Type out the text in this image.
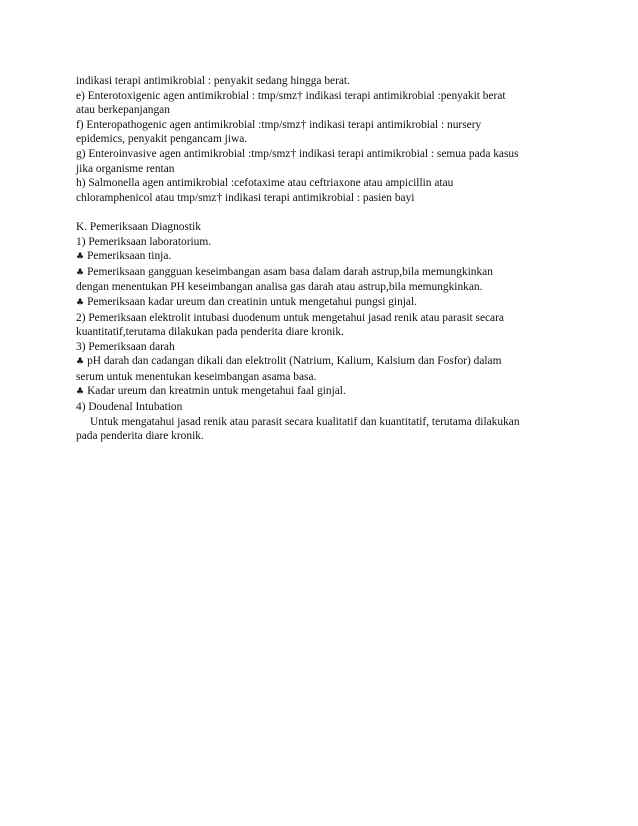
indikasi terapi antimikrobial : penyakit sedang hingga berat.
e) Enterotoxigenic agen antimikrobial : tmp/smz† indikasi terapi antimikrobial :penyakit berat
atau berkepanjangan
f) Enteropathogenic agen antimikrobial :tmp/smz† indikasi terapi antimikrobial : nursery
epidemics, penyakit pengancam jiwa.
g) Enteroinvasive agen antimikrobial :tmp/smz† indikasi terapi antimikrobial : semua pada kasus
jika organisme rentan
h) Salmonella agen antimikrobial :cefotaxime atau ceftriaxone atau ampicillin atau
chloramphenicol atau tmp/smz† indikasi terapi antimikrobial : pasien bayi
K. Pemeriksaan Diagnostik
1) Pemeriksaan laboratorium.
♣ Pemeriksaan tinja.
♣ Pemeriksaan gangguan keseimbangan asam basa dalam darah astrup,bila memungkinkan
dengan menentukan PH keseimbangan analisa gas darah atau astrup,bila memungkinkan.
♣ Pemeriksaan kadar ureum dan creatinin untuk mengetahui pungsi ginjal.
2) Pemeriksaan elektrolit intubasi duodenum untuk mengetahui jasad renik atau parasit secara
kuantitatif,terutama dilakukan pada penderita diare kronik.
3) Pemeriksaan darah
♣ pH darah dan cadangan dikali dan elektrolit (Natrium, Kalium, Kalsium dan Fosfor) dalam
serum untuk menentukan keseimbangan asama basa.
♣ Kadar ureum dan kreatmin untuk mengetahui faal ginjal.
4) Doudenal Intubation
Untuk mengatahui jasad renik atau parasit secara kualitatif dan kuantitatif, terutama dilakukan
pada penderita diare kronik.
